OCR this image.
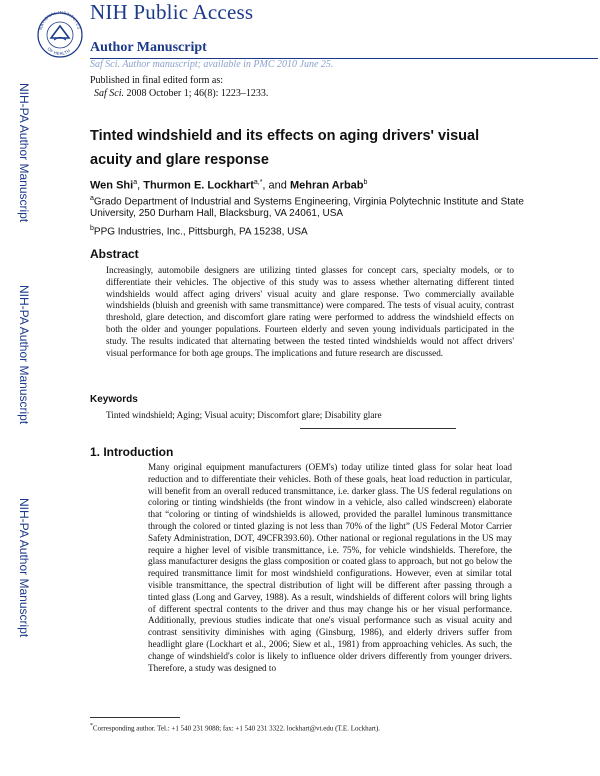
NATIONAL INSTITUTES
OF HEALTH
NIH Public Access
Author Manuscript
Saf Sci. Author manuscript; available in PMC 2010 June 25.
Published in final edited form as:
Saf Sci. 2008 October 1; 46(8): 1223–1233.
NIH-PA Author Manuscript
NIH-PA Author Manuscript
NIH-PA Author Manuscript
Tinted windshield and its effects on aging drivers' visual acuity and glare response
Wen Shi$^a$, Thurmon E. Lockhart$^{a,*}$, and Mehran Arbab$^b$
$^a$Grado Department of Industrial and Systems Engineering, Virginia Polytechnic Institute and State University, 250 Durham Hall, Blacksburg, VA 24061, USA
$^b$PPG Industries, Inc., Pittsburgh, PA 15238, USA
Abstract
Increasingly, automobile designers are utilizing tinted glasses for concept cars, specialty models, or to differentiate their vehicles. The objective of this study was to assess whether alternating different tinted windshields would affect aging drivers' visual acuity and glare response. Two commercially available windshields (bluish and greenish with same transmittance) were compared. The tests of visual acuity, contrast threshold, glare detection, and discomfort glare rating were performed to address the windshield effects on both the older and younger populations. Fourteen elderly and seven young individuals participated in the study. The results indicated that alternating between the tested tinted windshields would not affect drivers' visual performance for both age groups. The implications and future research are discussed.
Keywords
Tinted windshield; Aging; Visual acuity; Discomfort glare; Disability glare
1. Introduction
Many original equipment manufacturers (OEM's) today utilize tinted glass for solar heat load reduction and to differentiate their vehicles. Both of these goals, heat load reduction in particular, will benefit from an overall reduced transmittance, i.e. darker glass. The US federal regulations on coloring or tinting windshields (the front window in a vehicle, also called windscreen) elaborate that “coloring or tinting of windshields is allowed, provided the parallel luminous transmittance through the colored or tinted glazing is not less than 70% of the light” (US Federal Motor Carrier Safety Administration, DOT, 49CFR393.60). Other national or regional regulations in the US may require a higher level of visible transmittance, i.e. 75%, for vehicle windshields. Therefore, the glass manufacturer designs the glass composition or coated glass to approach, but not go below the required transmittance limit for most windshield configurations. However, even at similar total visible transmittance, the spectral distribution of light will be different after passing through a tinted glass (Long and Garvey, 1988). As a result, windshields of different colors will bring lights of different spectral contents to the driver and thus may change his or her visual performance. Additionally, previous studies indicate that one's visual performance such as visual acuity and contrast sensitivity diminishes with aging (Ginsburg, 1986), and elderly drivers suffer from headlight glare (Lockhart et al., 2006; Siew et al., 1981) from approaching vehicles. As such, the change of windshield's color is likely to influence older drivers differently from younger drivers. Therefore, a study was designed to
*Corresponding author. Tel.: +1 540 231 9088; fax: +1 540 231 3322. lockhart@vt.edu (T.E. Lockhart).
